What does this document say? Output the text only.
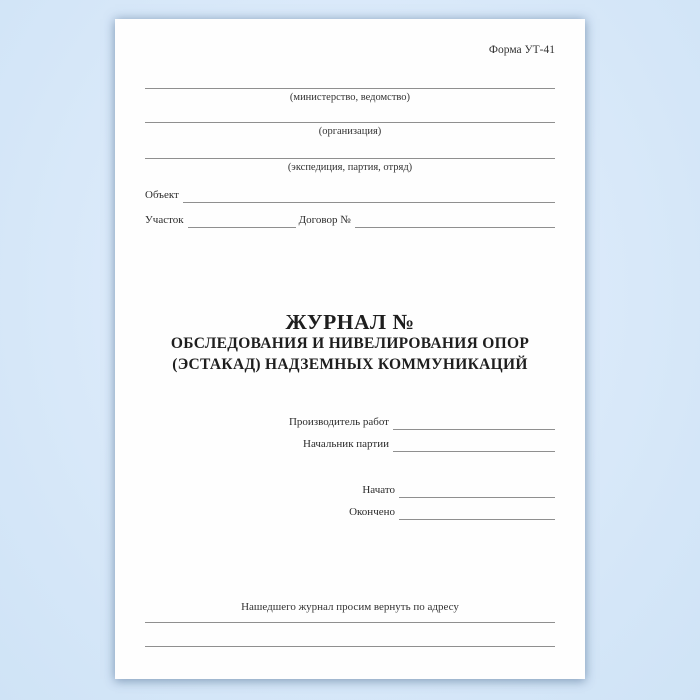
Форма УТ-41
(министерство, ведомство)
(организация)
(экспедиция, партия, отряд)
Объект
Участок	Договор №
ЖУРНАЛ №
ОБСЛЕДОВАНИЯ И НИВЕЛИРОВАНИЯ ОПОР
(ЭСТАКАД) НАДЗЕМНЫХ КОММУНИКАЦИЙ
Производитель работ
Начальник партии
Начато
Окончено
Нашедшего журнал просим вернуть по адресу
